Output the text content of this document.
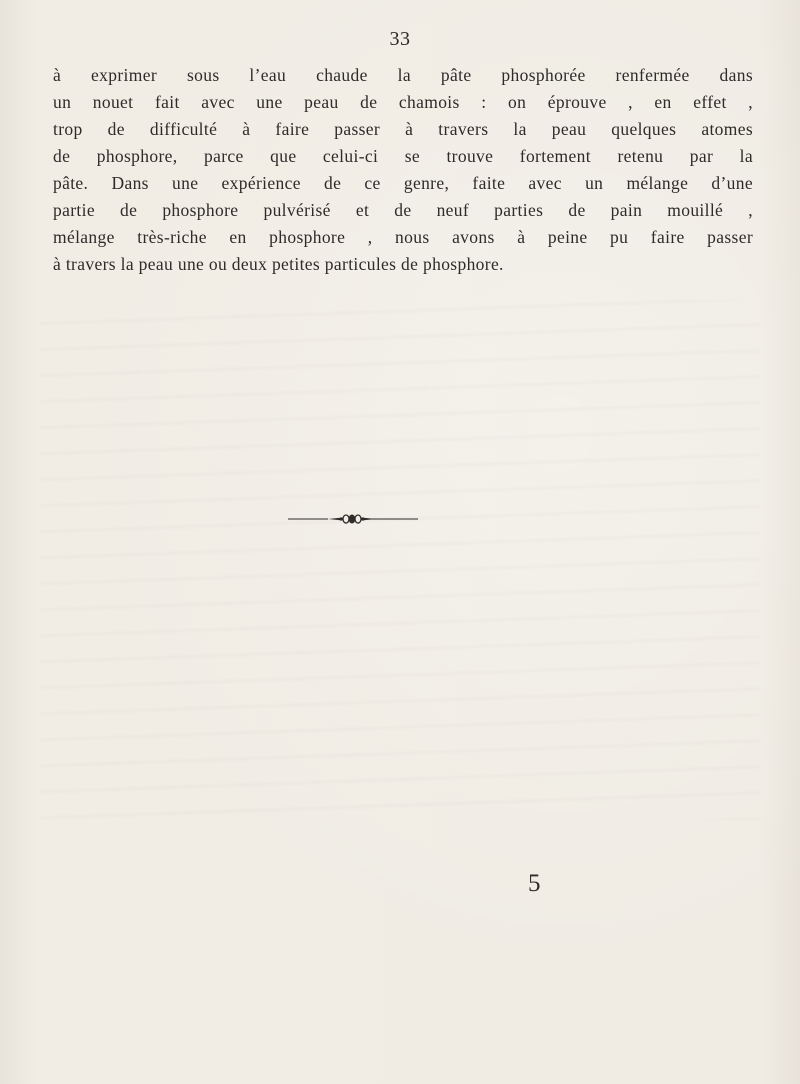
33
à exprimer sous l’eau chaude la pâte phosphorée renfermée dans
un nouet fait avec une peau de chamois : on éprouve , en effet ,
trop de difficulté à faire passer à travers la peau quelques atomes
de phosphore, parce que celui-ci se trouve fortement retenu par la
pâte. Dans une expérience de ce genre, faite avec un mélange d’une
partie de phosphore pulvérisé et de neuf parties de pain mouillé ,
mélange très-riche en phosphore , nous avons à peine pu faire passer
à travers la peau une ou deux petites particules de phosphore.
5
